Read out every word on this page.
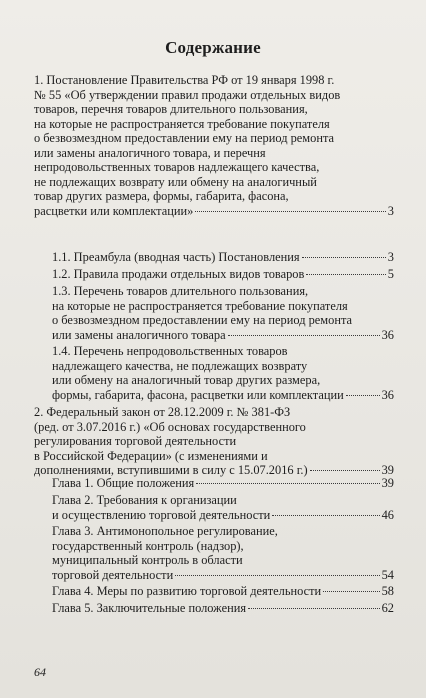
Содержание
1. Постановление Правительства РФ от 19 января 1998 г.
№ 55 «Об утверждении правил продажи отдельных видов
товаров, перечня товаров длительного пользования,
на которые не распространяется требование покупателя
о безвозмездном предоставлении ему на период ремонта
или замены аналогичного товара, и перечня
непродовольственных товаров надлежащего качества,
не подлежащих возврату или обмену на аналогичный
товар других размера, формы, габарита, фасона,
расцветки или комплектации»	3
1.1. Преамбула (вводная часть) Постановления	3
1.2. Правила продажи отдельных видов товаров	5
1.3. Перечень товаров длительного пользования,
на которые не распространяется требование покупателя
о безвозмездном предоставлении ему на период ремонта
или замены аналогичного товара	36
1.4. Перечень непродовольственных товаров
надлежащего качества, не подлежащих возврату
или обмену на аналогичный товар других размера,
формы, габарита, фасона, расцветки или комплектации	36
2. Федеральный закон от 28.12.2009 г. № 381-ФЗ
(ред. от 3.07.2016 г.) «Об основах государственного
регулирования торговой деятельности
в Российской Федерации» (с изменениями и
дополнениями, вступившими в силу с 15.07.2016 г.)	39
Глава 1. Общие положения	39
Глава 2. Требования к организации
и осуществлению торговой деятельности	46
Глава 3. Антимонопольное регулирование,
государственный контроль (надзор),
муниципальный контроль в области
торговой деятельности	54
Глава 4. Меры по развитию торговой деятельности	58
Глава 5. Заключительные положения	62
64
